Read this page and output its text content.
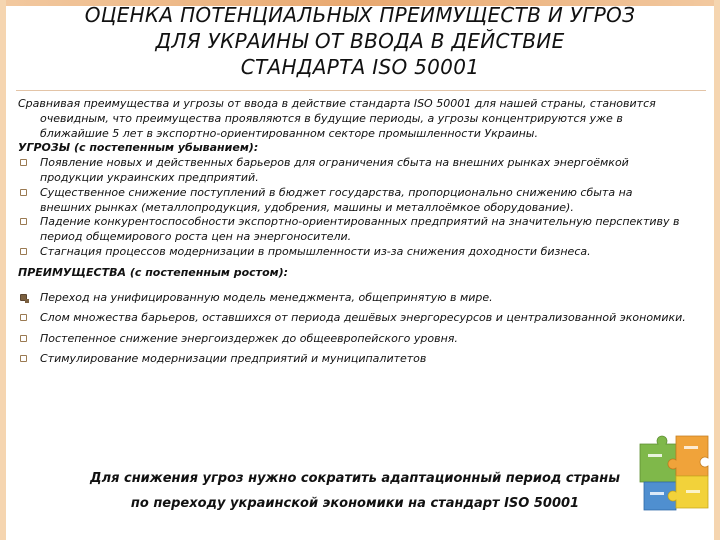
ОЦЕНКА ПОТЕНЦИАЛЬНЫХ ПРЕИМУЩЕСТВ И УГРОЗ
ДЛЯ УКРАИНЫ ОТ ВВОДА В ДЕЙСТВИЕ
СТАНДАРТА ISO 50001

Сравнивая преимущества и угрозы от ввода в действие стандарта ISO 50001 для нашей страны, становится очевидным, что преимущества проявляются в будущие периоды, а угрозы концентрируются уже в ближайшие 5 лет в экспортно-ориентированном секторе промышленности Украины.

УГРОЗЫ (с постепенным убыванием):

Появление новых и действенных барьеров для ограничения сбыта на внешних рынках энергоёмкой продукции украинских предприятий.
Существенное снижение поступлений в бюджет государства, пропорционально снижению сбыта на внешних рынках (металлопродукция, удобрения, машины и металлоёмкое оборудование).
Падение конкурентоспособности экспортно-ориентированных предприятий на значительную перспективу в период общемирового роста цен на энергоносители.
Стагнация процессов модернизации в промышленности из-за снижения доходности бизнеса.

ПРЕИМУЩЕСТВА (с постепенным ростом):

Переход на унифицированную модель менеджмента, общепринятую в мире.
Слом множества барьеров, оставшихся от периода дешёвых энергоресурсов и централизованной экономики.
Постепенное снижение энергоиздержек до общеевропейского уровня.
Стимулирование модернизации предприятий и муниципалитетов
Для снижения угроз нужно сократить адаптационный период страны
по переходу украинской экономики на стандарт ISO 50001
